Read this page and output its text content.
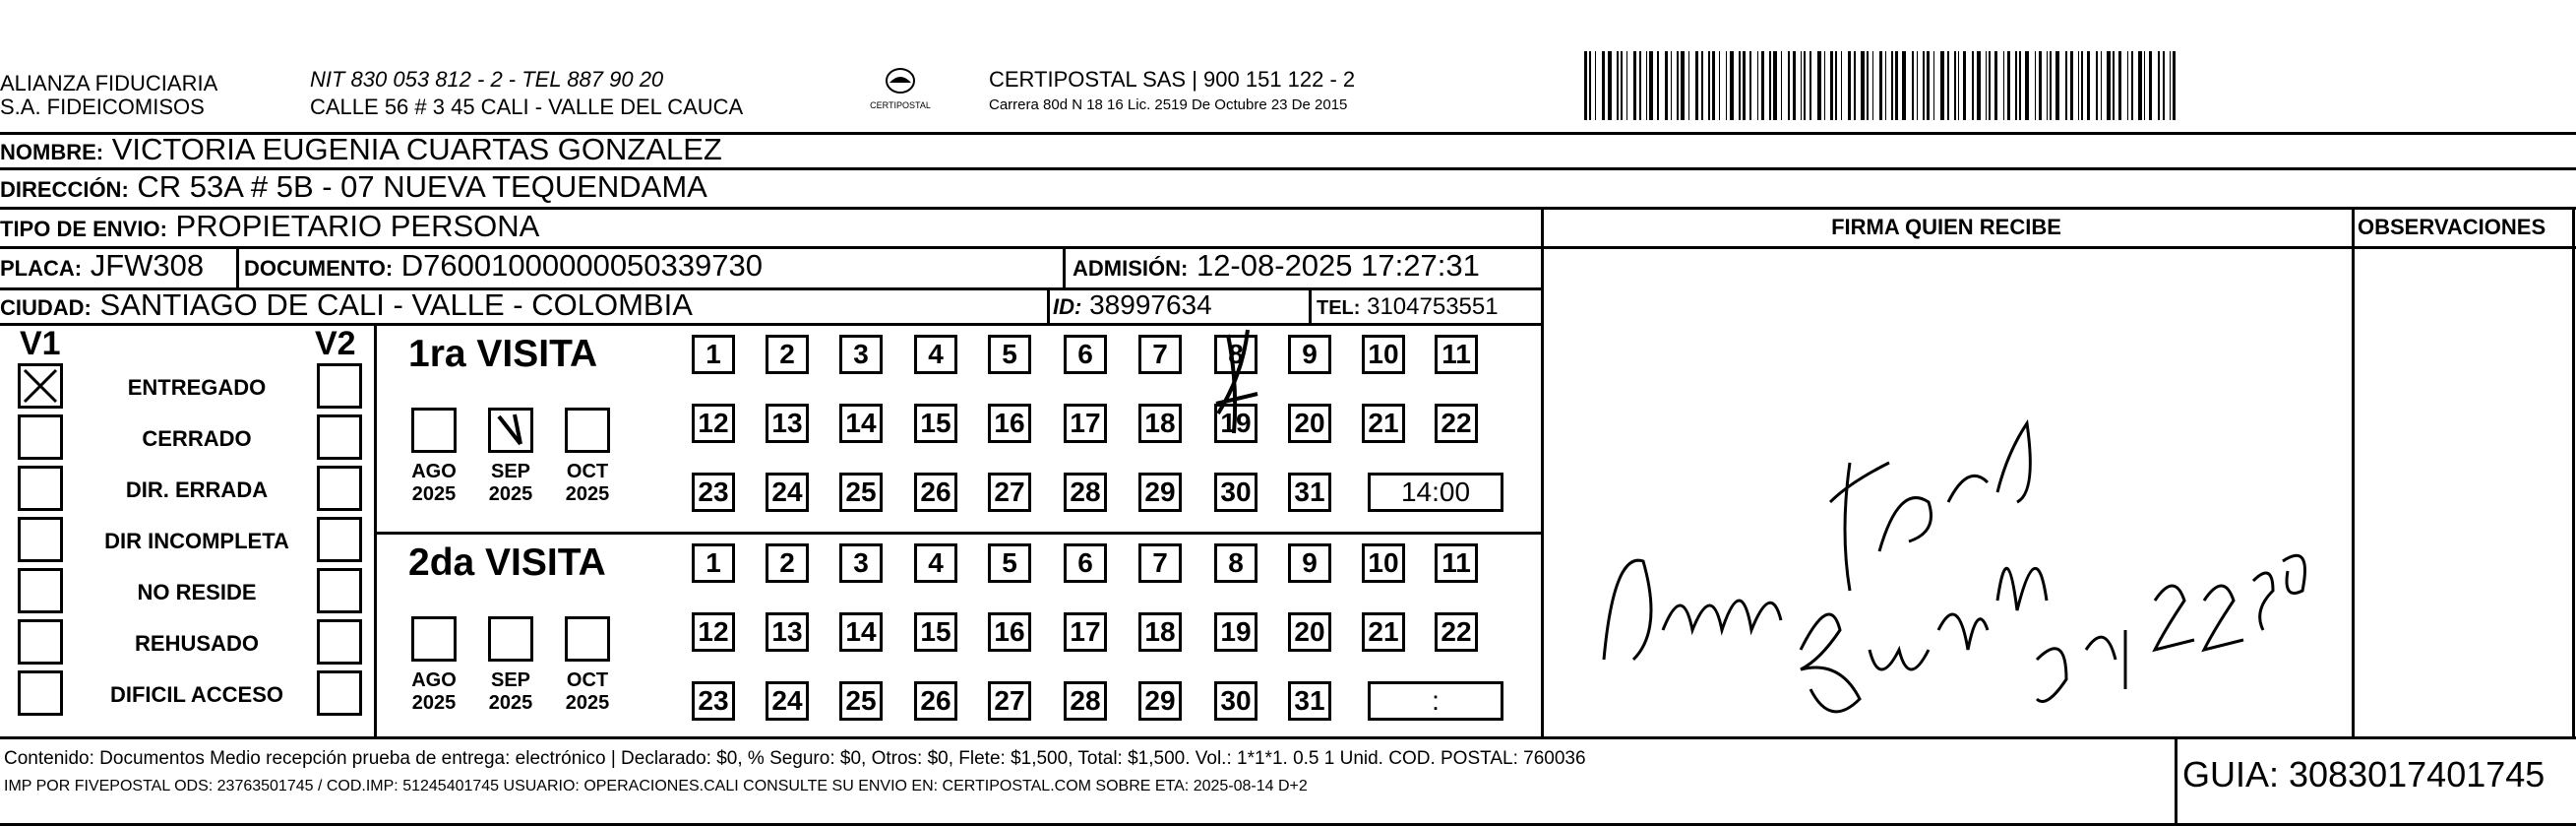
ALIANZA FIDUCIARIA
S.A. FIDEICOMISOS
NIT 830 053 812 - 2 - TEL 887 90 20
CALLE 56 # 3 45 CALI - VALLE DEL CAUCA	CERTIPOSTAL
CERTIPOSTAL SAS | 900 151 122 - 2
Carrera 80d N 18 16 Lic. 2519 De Octubre 23 De 2015
NOMBRE: VICTORIA EUGENIA CUARTAS GONZALEZ
DIRECCIÓN: CR 53A # 5B - 07 NUEVA TEQUENDAMA
TIPO DE ENVIO: PROPIETARIO PERSONA	FIRMA QUIEN RECIBE	OBSERVACIONES
PLACA: JFW308 DOCUMENTO: D76001000000050339730	ADMISIÓN: 12-08-2025 17:27:31
CIUDAD: SANTIAGO DE CALI - VALLE - COLOMBIA	ID: 38997634	TEL: 3104753551
V1	V2
ENTREGADO
CERRADO
DIR. ERRADA
DIR INCOMPLETA
NO RESIDE
REHUSADO
DIFICIL ACCESO
1ra VISITA
AGO
2025
SEP
2025
OCT
2025
1	2	3	4	5	6	7	8	9	10 11
12 13 14 15 16 17 18 19 20 21 22
23 24 25 26 27 28 29 30 31	14:00
2da VISITA
AGO
2025
SEP
2025
OCT
2025
1	2	3	4	5	6	7	8	9	10 11
12 13 14 15 16 17 18 19 20 21 22
23 24 25 26 27 28 29 30 31	:
Contenido: Documentos Medio recepción prueba de entrega: electrónico | Declarado: $0, % Seguro: $0, Otros: $0, Flete: $1,500, Total: $1,500. Vol.: 1*1*1. 0.5 1 Unid. COD. POSTAL: 760036
IMP POR FIVEPOSTAL ODS: 23763501745 / COD.IMP: 51245401745 USUARIO: OPERACIONES.CALI CONSULTE SU ENVIO EN: CERTIPOSTAL.COM SOBRE ETA: 2025-08-14 D+2	GUIA: 3083017401745
